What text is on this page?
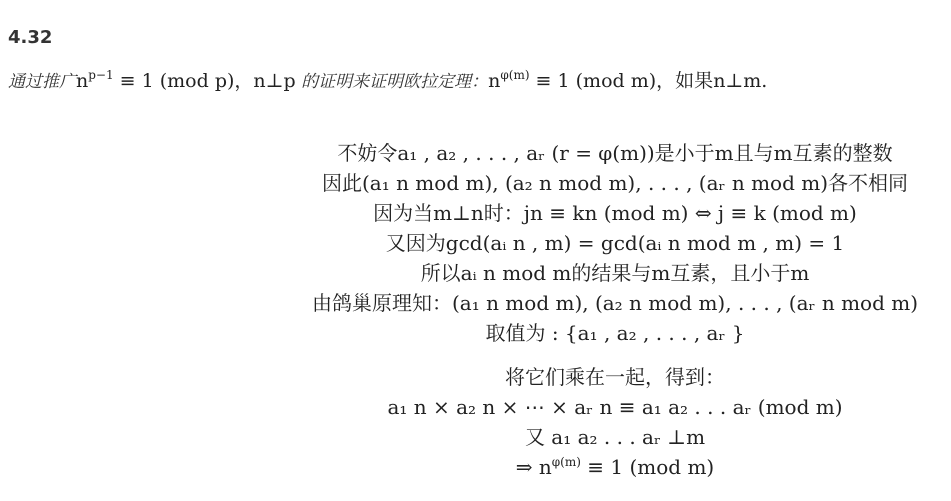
4.32
通过推广$n^{p-1} \equiv 1$ (mod p)，n⊥p 的证明来证明欧拉定理：$n^{\varphi(m)} \equiv 1$ (mod m)，如果n⊥m.
不妨令a₁ , a₂ , . . . , aᵣ (r = φ(m))是小于m且与m互素的整数
因此(a₁ n mod m), (a₂ n mod m), . . . , (aᵣ n mod m)各不相同
因为当m⊥n时：jn ≡ kn (mod m) ⇔ j ≡ k (mod m)
又因为gcd(aᵢ n , m) = gcd(aᵢ n mod m , m) = 1
所以aᵢ n mod m的结果与m互素，且小于m
由鸽巢原理知：(a₁ n mod m), (a₂ n mod m), . . . , (aᵣ n mod m)
取值为 : {a₁ , a₂ , . . . , aᵣ }
将它们乘在一起，得到：
a₁ n × a₂ n × ⋯ × aᵣ n ≡ a₁ a₂ . . . aᵣ (mod m)
又 a₁ a₂ . . . aᵣ ⊥m
⇒ $n^{\varphi(m)} \equiv 1$ (mod m)
